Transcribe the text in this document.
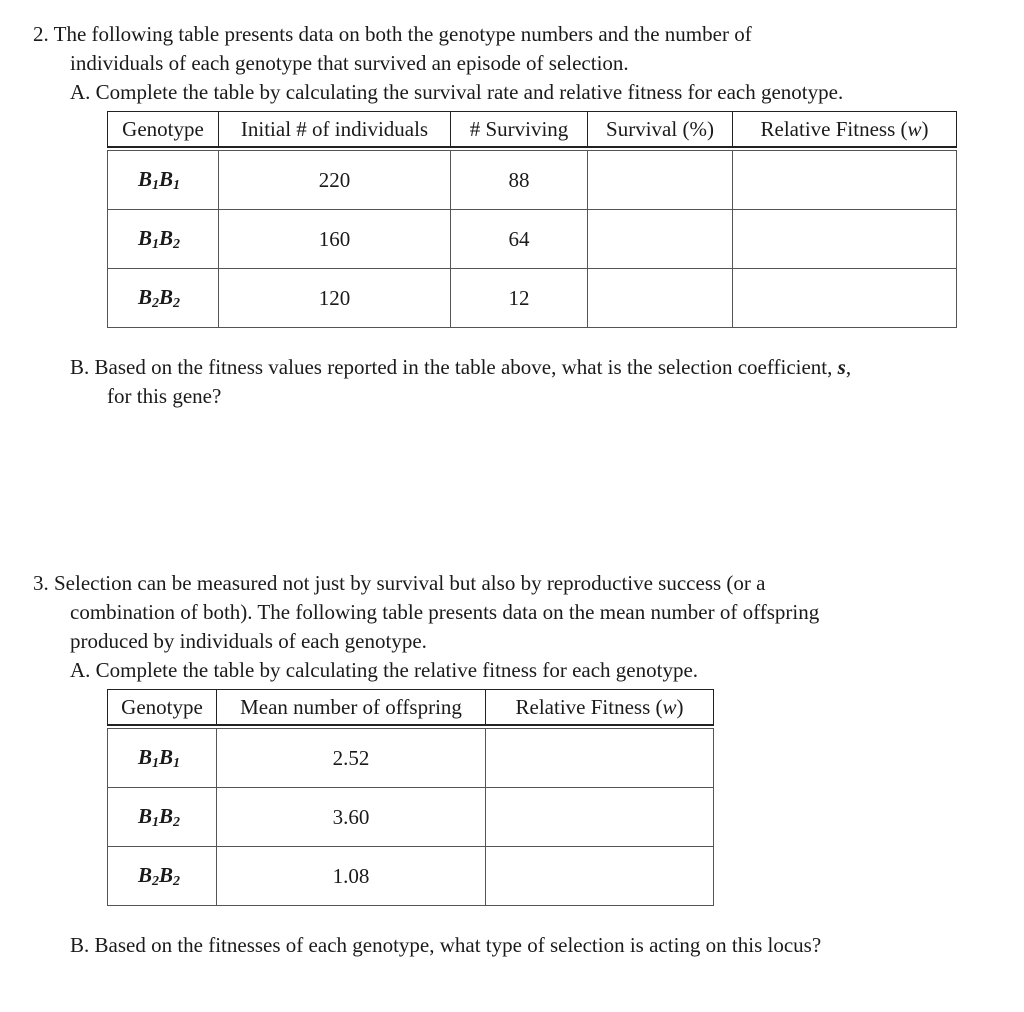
2. The following table presents data on both the genotype numbers and the number of
individuals of each genotype that survived an episode of selection.
A. Complete the table by calculating the survival rate and relative fitness for each genotype.
Genotype	Initial # of individuals	# Surviving	Survival (%)	Relative Fitness (w)

B1B1	220	88		
B1B2	160	64		
B2B2	120	12		
B. Based on the fitness values reported in the table above, what is the selection coefficient, s,
for this gene?
3. Selection can be measured not just by survival but also by reproductive success (or a
combination of both). The following table presents data on the mean number of offspring
produced by individuals of each genotype.
A. Complete the table by calculating the relative fitness for each genotype.
Genotype	Mean number of offspring	Relative Fitness (w)

B1B1	2.52	
B1B2	3.60	
B2B2	1.08	
B. Based on the fitnesses of each genotype, what type of selection is acting on this locus?
